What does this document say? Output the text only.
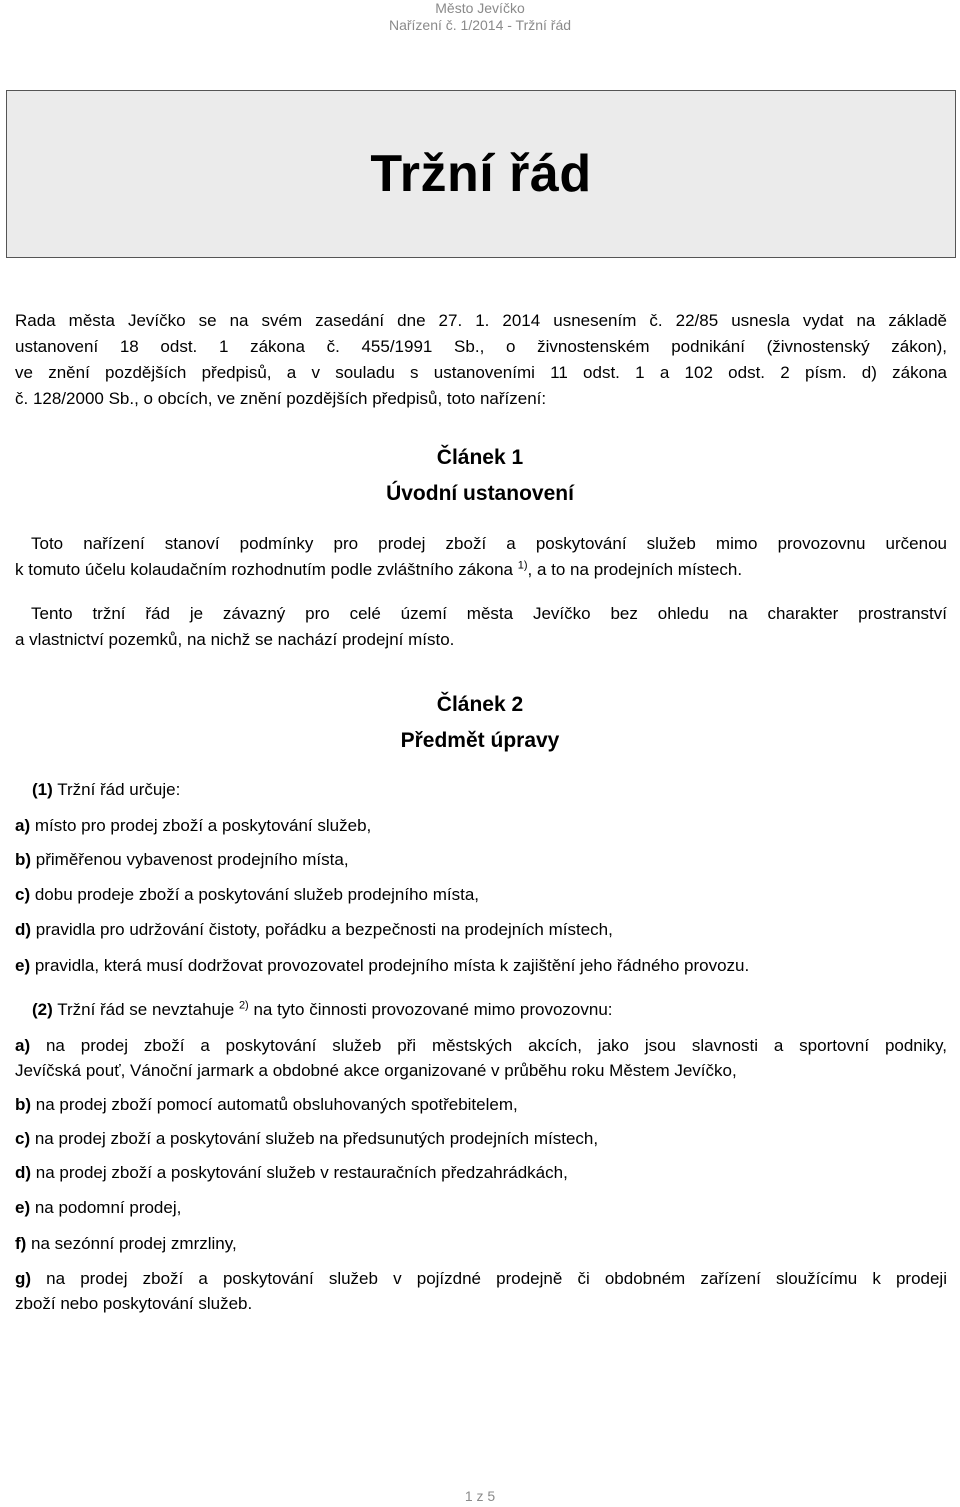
Město Jevíčko
Nařízení č. 1/2014 - Tržní řád
Tržní řád
Rada města Jevíčko se na svém zasedání dne 27. 1. 2014 usnesením č. 22/85 usnesla vydat na základě
ustanovení 18 odst. 1 zákona č. 455/1991 Sb., o živnostenském podnikání (živnostenský zákon),
ve znění pozdějších předpisů, a v souladu s ustanoveními 11 odst. 1 a 102 odst. 2 písm. d) zákona
č. 128/2000 Sb., o obcích, ve znění pozdějších předpisů, toto nařízení:
Článek 1
Úvodní ustanovení
Toto nařízení stanoví podmínky pro prodej zboží a poskytování služeb mimo provozovnu určenou
k tomuto účelu kolaudačním rozhodnutím podle zvláštního zákona $^{1)}$, a to na prodejních místech.
Tento tržní řád je závazný pro celé území města Jevíčko bez ohledu na charakter prostranství
a vlastnictví pozemků, na nichž se nachází prodejní místo.
Článek 2
Předmět úpravy
(1) Tržní řád určuje:
a) místo pro prodej zboží a poskytování služeb,
b) přiměřenou vybavenost prodejního místa,
c) dobu prodeje zboží a poskytování služeb prodejního místa,
d) pravidla pro udržování čistoty, pořádku a bezpečnosti na prodejních místech,
e) pravidla, která musí dodržovat provozovatel prodejního místa k zajištění jeho řádného provozu.
(2) Tržní řád se nevztahuje $^{2)}$ na tyto činnosti provozované mimo provozovnu:
a) na prodej zboží a poskytování služeb při městských akcích, jako jsou slavnosti a sportovní podniky,
Jevíčská pouť, Vánoční jarmark a obdobné akce organizované v průběhu roku Městem Jevíčko,
b) na prodej zboží pomocí automatů obsluhovaných spotřebitelem,
c) na prodej zboží a poskytování služeb na předsunutých prodejních místech,
d) na prodej zboží a poskytování služeb v restauračních předzahrádkách,
e) na podomní prodej,
f) na sezónní prodej zmrzliny,
g) na prodej zboží a poskytování služeb v pojízdné prodejně či obdobném zařízení sloužícímu k prodeji
zboží nebo poskytování služeb.
1 z 5
